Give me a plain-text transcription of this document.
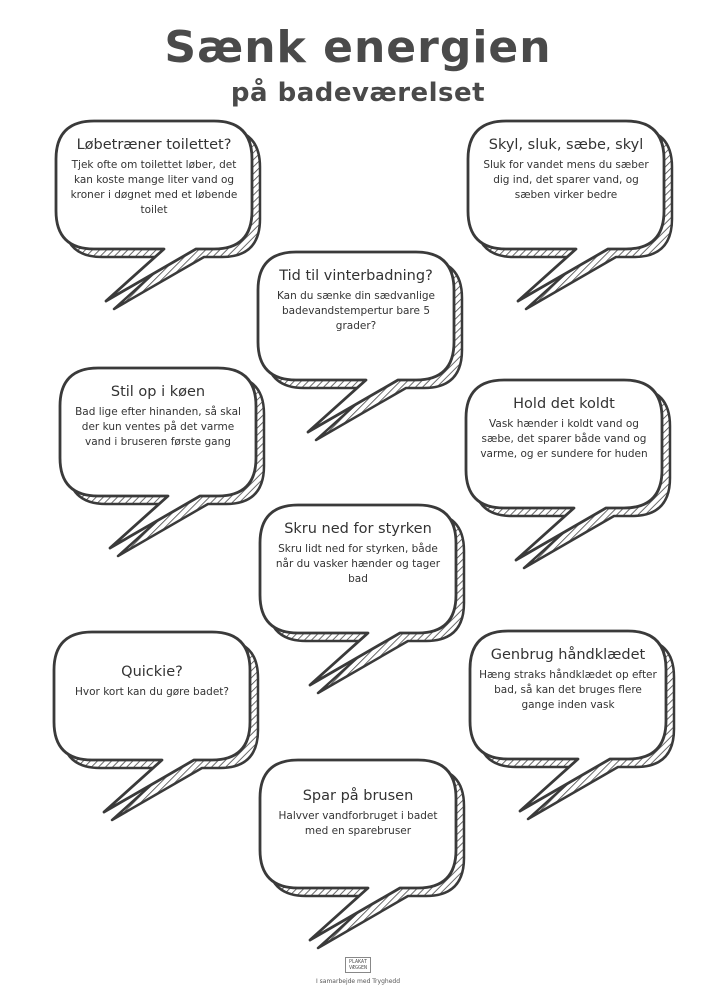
Sænk energien
på badeværelset
Løbetræner toilettet?
Tjek ofte om toilettet løber, det kan koste mange liter vand og kroner i døgnet med et løbende toilet
Skyl, sluk, sæbe, skyl
Sluk for vandet mens du sæber dig ind, det sparer vand, og sæben virker bedre
Tid til vinterbadning?
Kan du sænke din sædvanlige badevandstempertur bare 5 grader?
Stil op i køen
Bad lige efter hinanden, så skal der kun ventes på det varme vand i bruseren første gang
Hold det koldt
Vask hænder i koldt vand og sæbe, det sparer både vand og varme, og er sundere for huden
Skru ned for styrken
Skru lidt ned for styrken, både når du vasker hænder og tager bad
Quickie?
Hvor kort kan du gøre badet?
Genbrug håndklædet
Hæng straks håndklædet op efter bad, så kan det bruges flere gange inden vask
Spar på brusen
Halvver vandforbruget i badet med en sparebruser
PLAKAT
VÆGGEN
I samarbejde med Tryghedd
